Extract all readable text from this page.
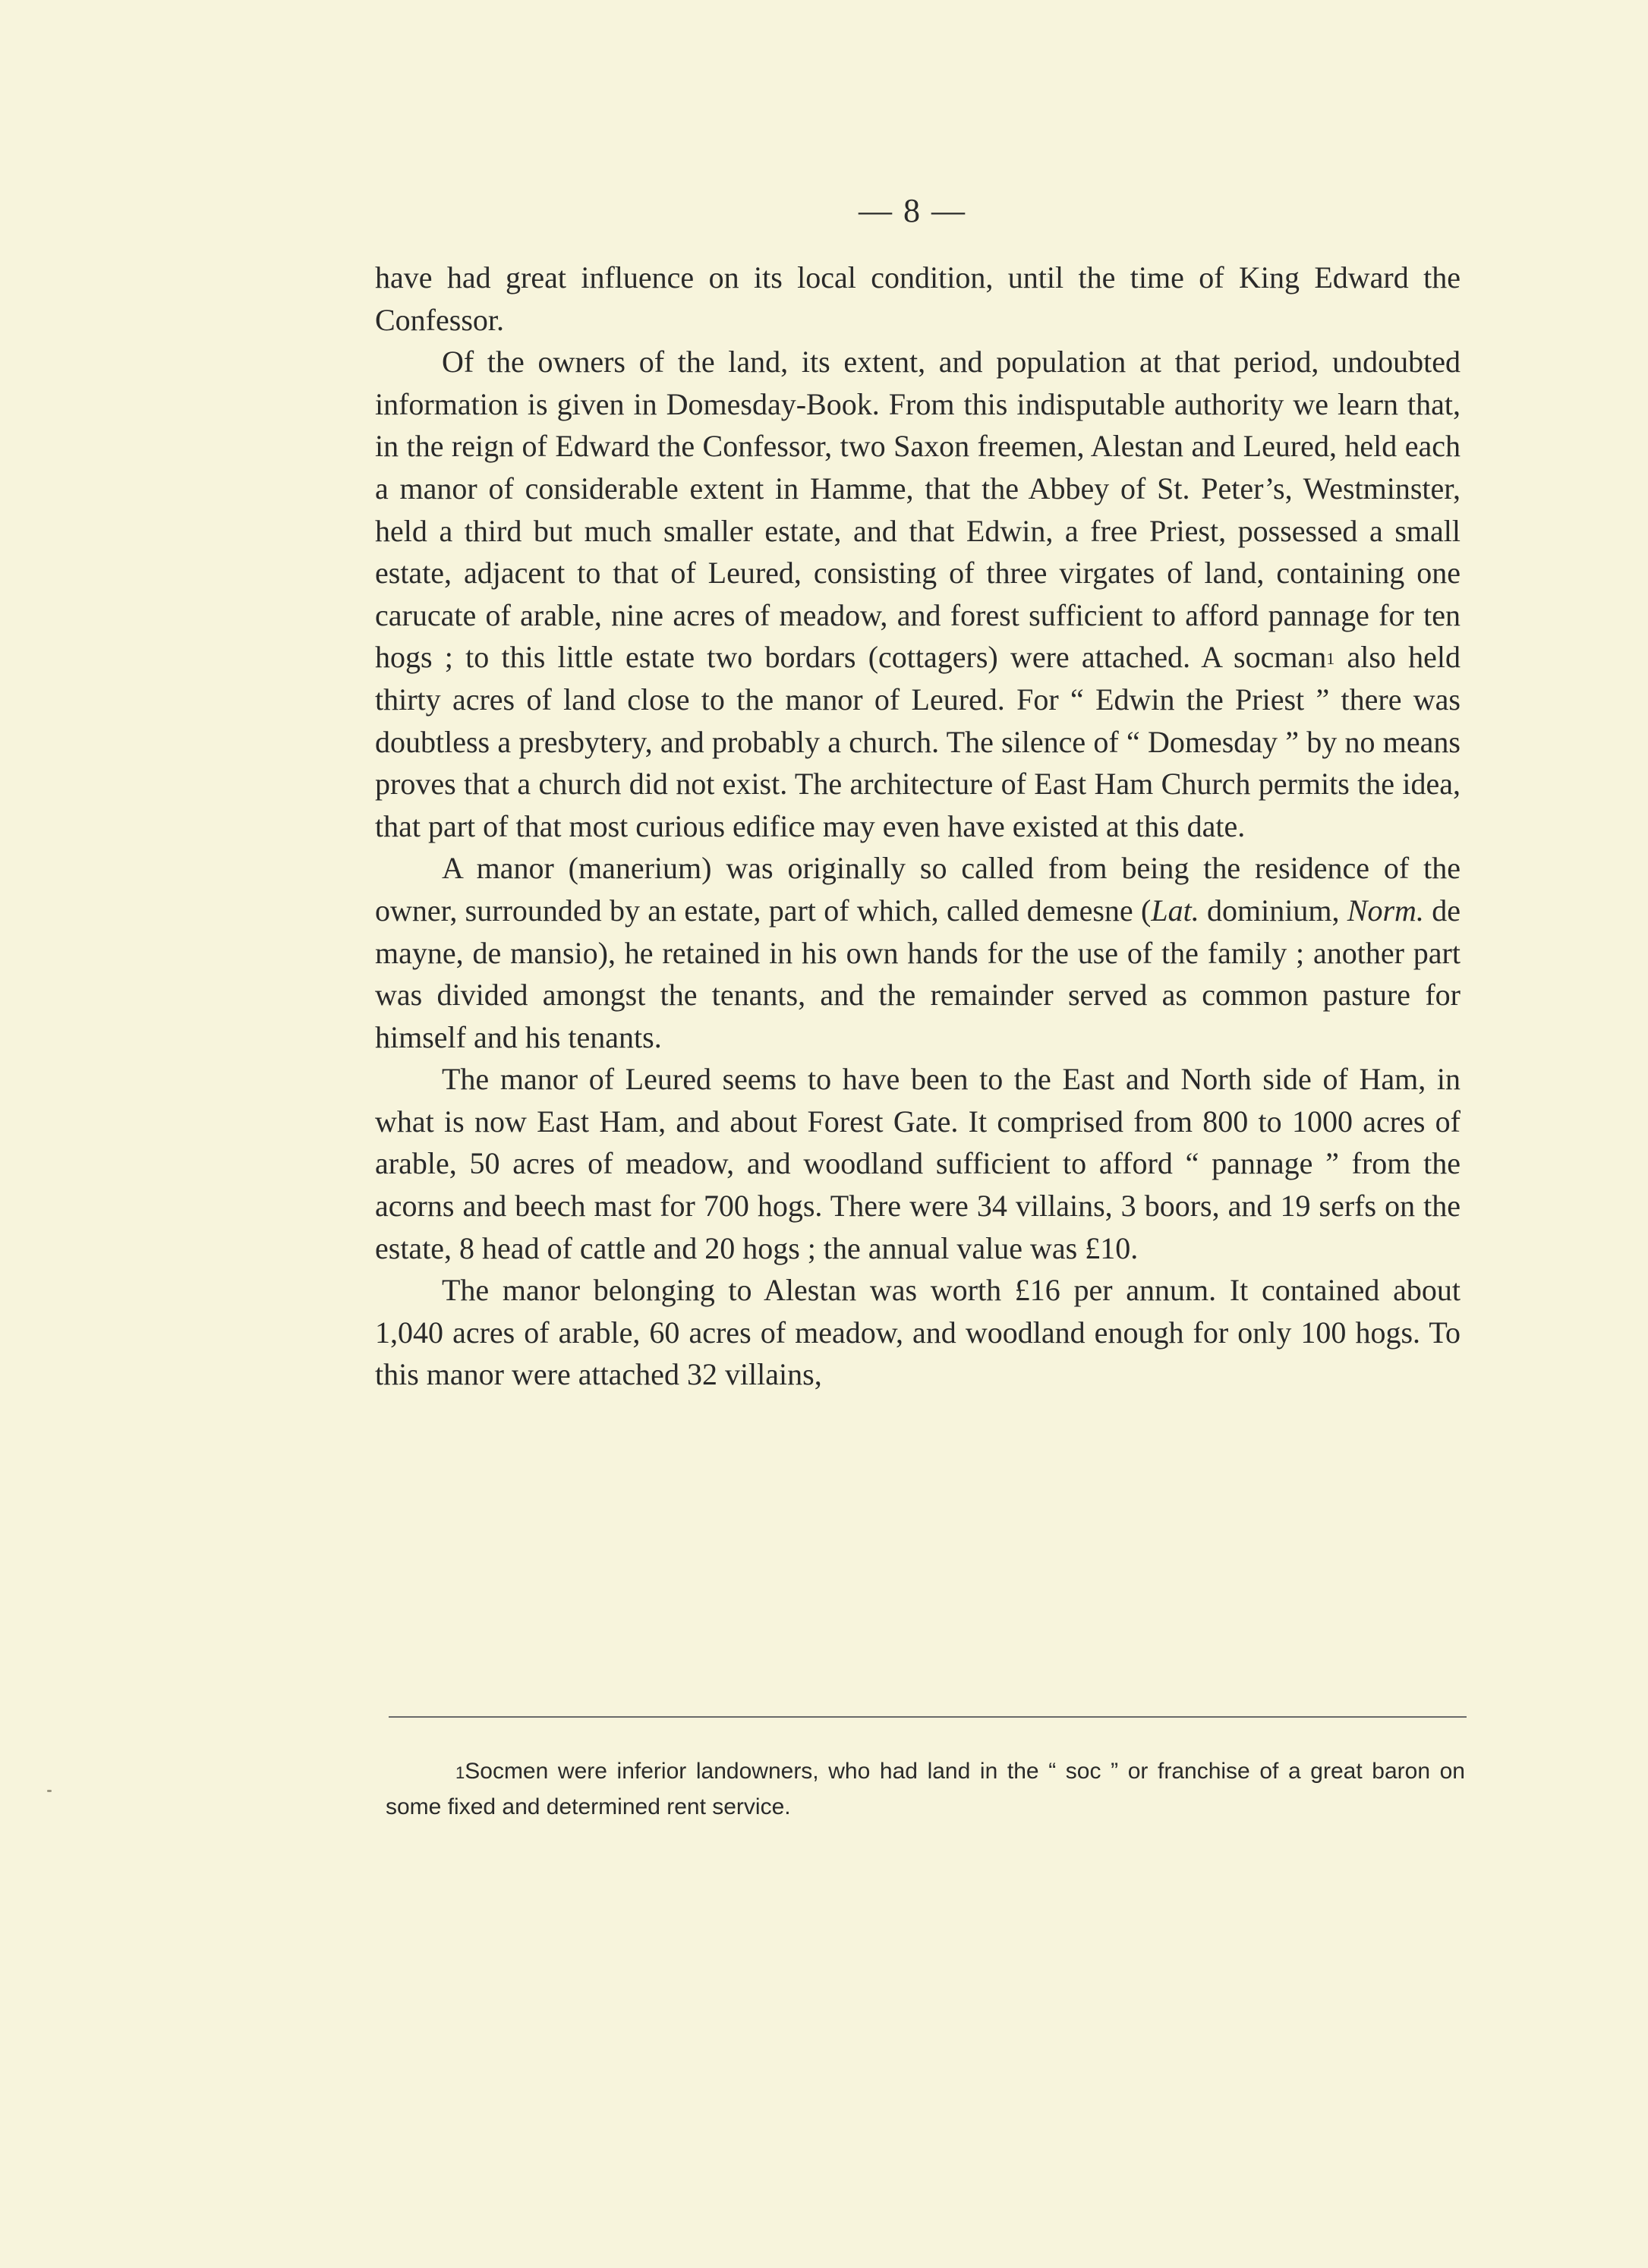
— 8 —

have had great influence on its local condition, until the time of King Edward the Confessor.

Of the owners of the land, its extent, and population at that period, undoubted information is given in Domesday-Book. From this indisputable authority we learn that, in the reign of Edward the Confessor, two Saxon freemen, Alestan and Leured, held each a manor of considerable extent in Hamme, that the Abbey of St. Peter’s, Westminster, held a third but much smaller estate, and that Edwin, a free Priest, possessed a small estate, adjacent to that of Leured, consisting of three virgates of land, containing one carucate of arable, nine acres of meadow, and forest sufficient to afford pannage for ten hogs ; to this little estate two bordars (cottagers) were attached. A socman$^1$ also held thirty acres of land close to the manor of Leured. For “ Edwin the Priest ” there was doubtless a presbytery, and probably a church. The silence of “ Domesday ” by no means proves that a church did not exist. The architecture of East Ham Church permits the idea, that part of that most curious edifice may even have existed at this date.

A manor (manerium) was originally so called from being the residence of the owner, surrounded by an estate, part of which, called demesne (Lat. dominium, Norm. de mayne, de mansio), he retained in his own hands for the use of the family ; another part was divided amongst the tenants, and the remainder served as common pasture for himself and his tenants.

The manor of Leured seems to have been to the East and North side of Ham, in what is now East Ham, and about Forest Gate. It comprised from 800 to 1000 acres of arable, 50 acres of meadow, and woodland sufficient to afford “ pannage ” from the acorns and beech mast for 700 hogs. There were 34 villains, 3 boors, and 19 serfs on the estate, 8 head of cattle and 20 hogs ; the annual value was £10.

The manor belonging to Alestan was worth £16 per annum. It contained about 1,040 acres of arable, 60 acres of meadow, and woodland enough for only 100 hogs. To this manor were attached 32 villains,

$^1$Socmen were inferior landowners, who had land in the “ soc ” or franchise of a great baron on some fixed and determined rent service.
